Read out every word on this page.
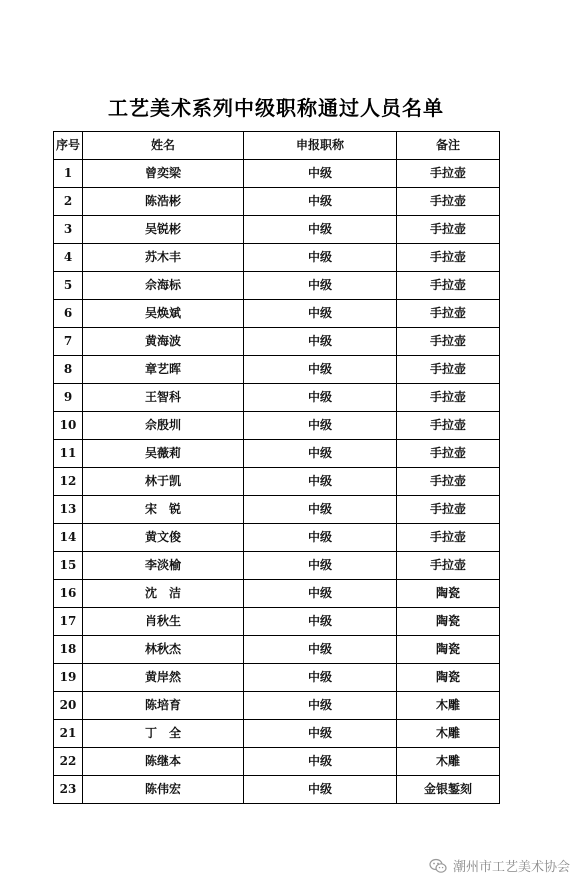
工艺美术系列中级职称通过人员名单
序号	姓名	申报职称	备注
1	曾奕梁	中级	手拉壶
2	陈浩彬	中级	手拉壶
3	吴锐彬	中级	手拉壶
4	苏木丰	中级	手拉壶
5	佘海标	中级	手拉壶
6	吴焕斌	中级	手拉壶
7	黄海波	中级	手拉壶
8	章艺晖	中级	手拉壶
9	王智科	中级	手拉壶
10	佘殷圳	中级	手拉壶
11	吴薇莉	中级	手拉壶
12	林于凯	中级	手拉壶
13	宋　锐	中级	手拉壶
14	黄文俊	中级	手拉壶
15	李淡榆	中级	手拉壶
16	沈　洁	中级	陶瓷
17	肖秋生	中级	陶瓷
18	林秋杰	中级	陶瓷
19	黄岸然	中级	陶瓷
20	陈培育	中级	木雕
21	丁　全	中级	木雕
22	陈继本	中级	木雕
23	陈伟宏	中级	金银錾刻
潮州市工艺美术协会
